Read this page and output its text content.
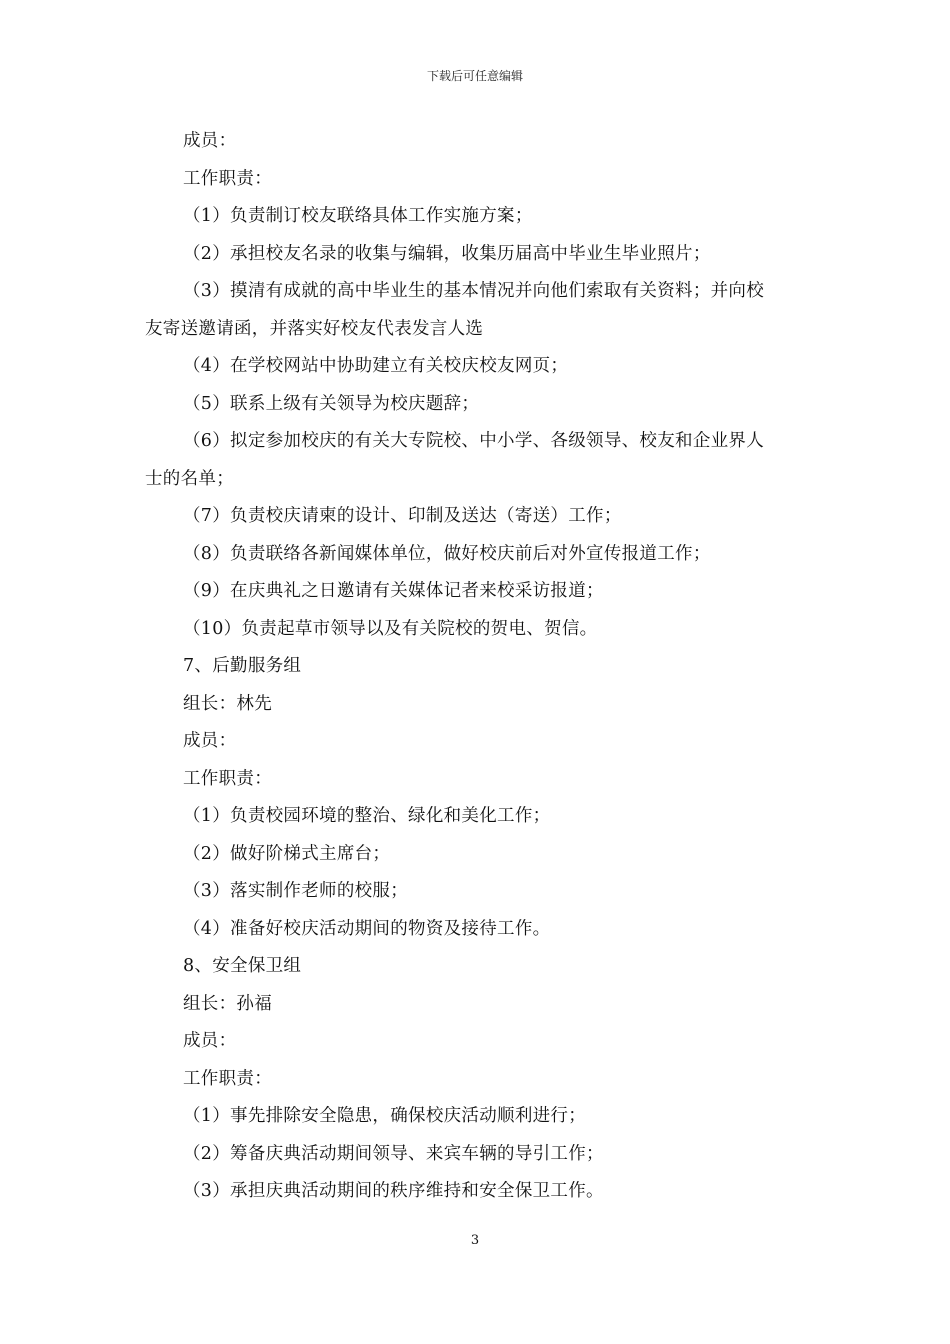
下载后可任意编辑
成员：
工作职责：
（1）负责制订校友联络具体工作实施方案；
（2）承担校友名录的收集与编辑，收集历届高中毕业生毕业照片；
（3）摸清有成就的高中毕业生的基本情况并向他们索取有关资料；并向校
友寄送邀请函，并落实好校友代表发言人选
（4）在学校网站中协助建立有关校庆校友网页；
（5）联系上级有关领导为校庆题辞；
（6）拟定参加校庆的有关大专院校、中小学、各级领导、校友和企业界人
士的名单；
（7）负责校庆请柬的设计、印制及送达（寄送）工作；
（8）负责联络各新闻媒体单位，做好校庆前后对外宣传报道工作；
（9）在庆典礼之日邀请有关媒体记者来校采访报道；
（10）负责起草市领导以及有关院校的贺电、贺信。
7、后勤服务组
组长：林先
成员：
工作职责：
（1）负责校园环境的整治、绿化和美化工作；
（2）做好阶梯式主席台；
（3）落实制作老师的校服；
（4）准备好校庆活动期间的物资及接待工作。
8、安全保卫组
组长：孙福
成员：
工作职责：
（1）事先排除安全隐患，确保校庆活动顺利进行；
（2）筹备庆典活动期间领导、来宾车辆的导引工作；
（3）承担庆典活动期间的秩序维持和安全保卫工作。
3
